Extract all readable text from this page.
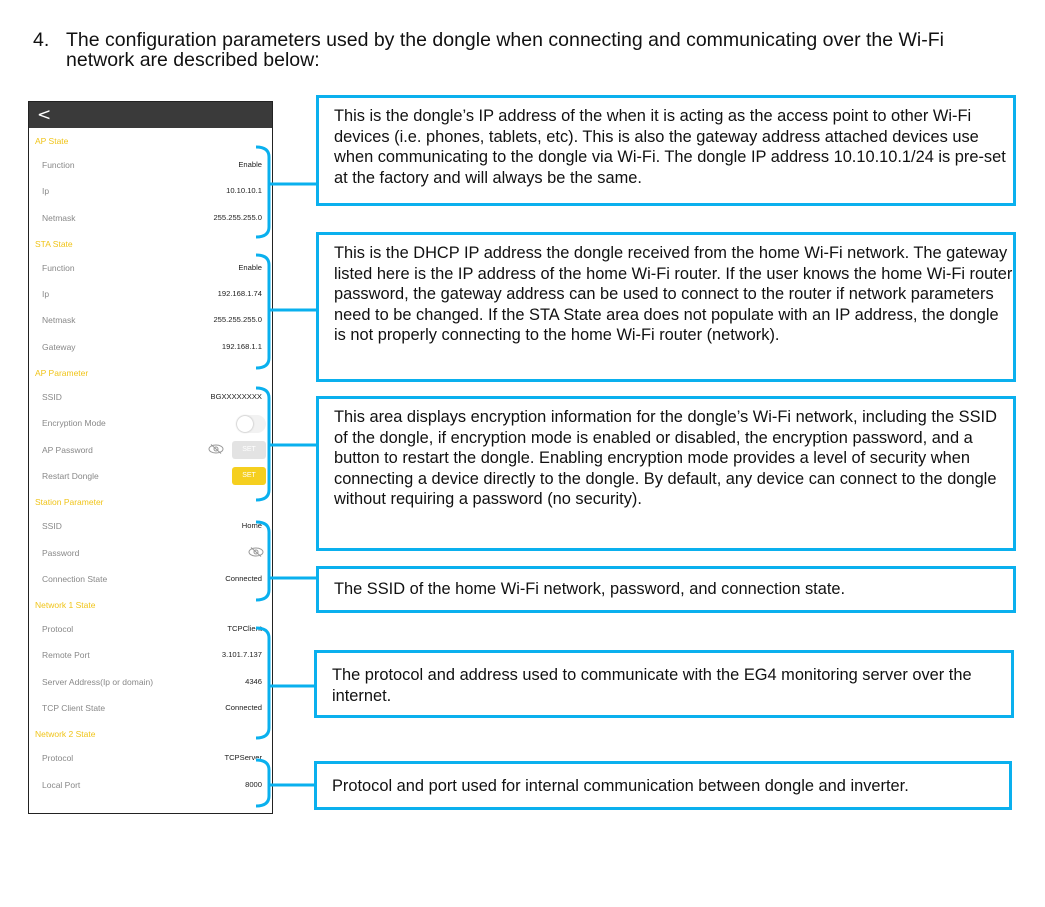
4. The configuration parameters used by the dongle when connecting and communicating over the Wi-Fi network are described below:
<
AP State
Function	Enable
Ip	10.10.10.1
Netmask	255.255.255.0
STA State
Function	Enable
Ip	192.168.1.74
Netmask	255.255.255.0
Gateway	192.168.1.1
AP Parameter
SSID	BGXXXXXXXX
Encryption Mode
AP Password	SET
Restart Dongle	SET
Station Parameter
SSID	Home
Password
Connection State	Connected
Network 1 State
Protocol	TCPClient
Remote Port	3.101.7.137
Server Address(Ip or domain)	4346
TCP Client State	Connected
Network 2 State
Protocol	TCPServer
Local Port	8000
This is the dongle’s IP address of the when it is acting as the access point to other Wi-Fi devices (i.e. phones, tablets, etc). This is also the gateway address attached devices use when communicating to the dongle via Wi-Fi. The dongle IP address 10.10.10.1/24 is pre-set at the factory and will always be the same.
This is the DHCP IP address the dongle received from the home Wi-Fi network. The gateway listed here is the IP address of the home Wi-Fi router. If the user knows the home Wi-Fi router password, the gateway address can be used to connect to the router if network parameters need to be changed. If the STA State area does not populate with an IP address, the dongle is not properly connecting to the home Wi-Fi router (network).
This area displays encryption information for the dongle’s Wi-Fi network, including the SSID of the dongle, if encryption mode is enabled or disabled, the encryption password, and a button to restart the dongle. Enabling encryption mode provides a level of security when connecting a device directly to the dongle. By default, any device can connect to the dongle without requiring a password (no security).
The SSID of the home Wi-Fi network, password, and connection state.
The protocol and address used to communicate with the EG4 monitoring server over the internet.
Protocol and port used for internal communication between dongle and inverter.
